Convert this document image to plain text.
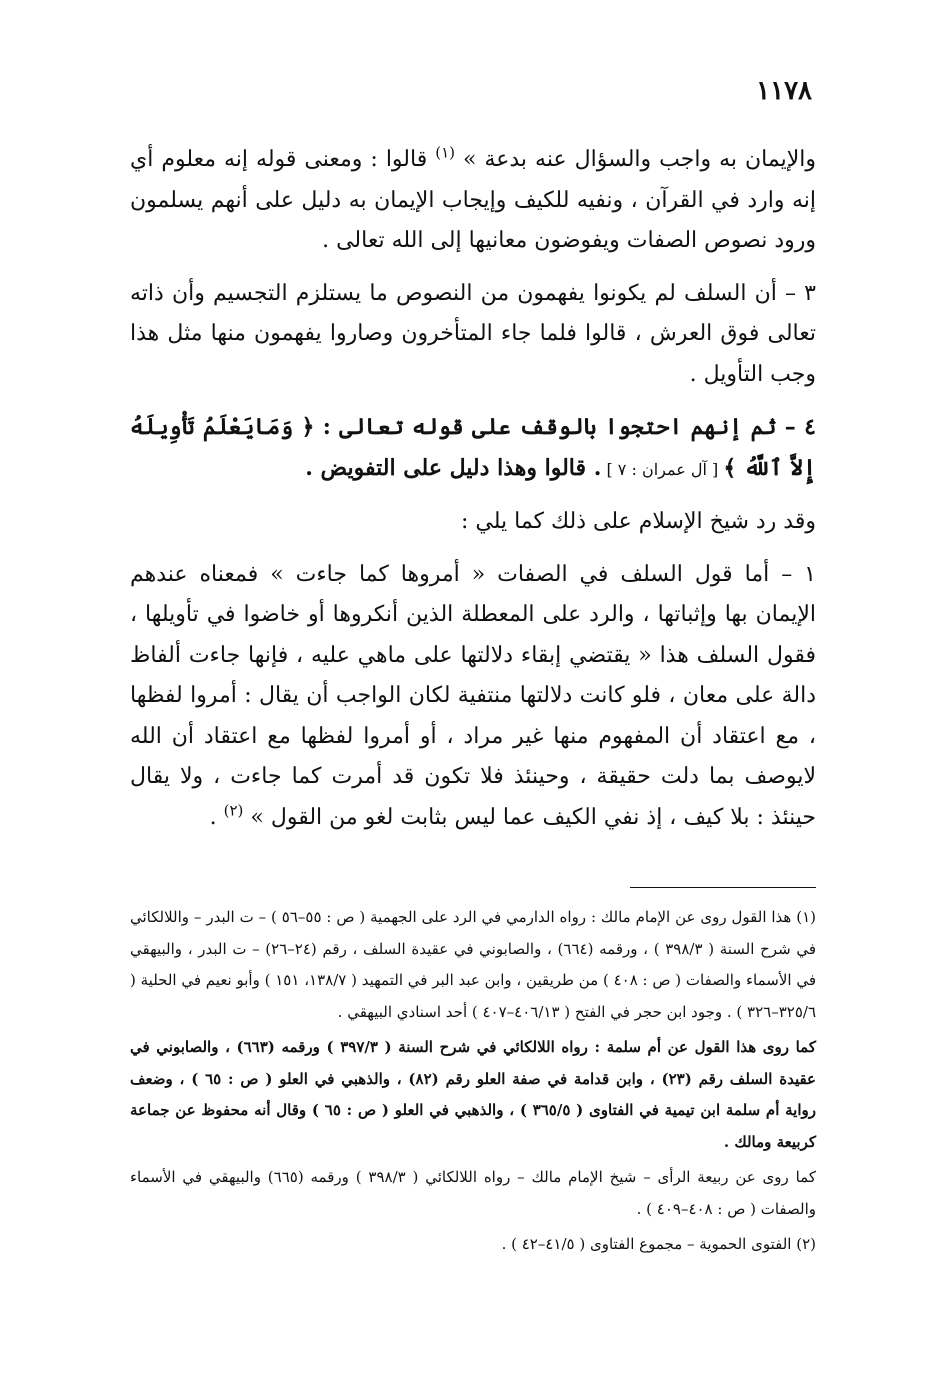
١١٧٨

والإيمان به واجب والسؤال عنه بدعة » $^{(١)}$ قالوا : ومعنى قوله إنه معلوم أي إنه وارد في القرآن ، ونفيه للكيف وإيجاب الإيمان به دليل على أنهم يسلمون ورود نصوص الصفات ويفوضون معانيها إلى الله تعالى .

٣ – أن السلف لم يكونوا يفهمون من النصوص ما يستلزم التجسيم وأن ذاته تعالى فوق العرش ، قالوا فلما جاء المتأخرون وصاروا يفهمون منها مثل هذا وجب التأويل .

٤ – ثم إنهم احتجوا بالوقف على قوله تعالى : ﴿ وَمَايَعْلَمُ تَأْوِيلَهُ إِلاَّ ٱللَّهُ ﴾ [ آل عمران : ٧ ] . قالوا وهذا دليل على التفويض .

وقد رد شيخ الإسلام على ذلك كما يلي :

١ – أما قول السلف في الصفات « أمروها كما جاءت » فمعناه عندهم الإيمان بها وإثباتها ، والرد على المعطلة الذين أنكروها أو خاضوا في تأويلها ، فقول السلف هذا « يقتضي إبقاء دلالتها على ماهي عليه ، فإنها جاءت ألفاظ دالة على معان ، فلو كانت دلالتها منتفية لكان الواجب أن يقال : أمروا لفظها ، مع اعتقاد أن المفهوم منها غير مراد ، أو أمروا لفظها مع اعتقاد أن الله لايوصف بما دلت حقيقة ، وحينئذ فلا تكون قد أمرت كما جاءت ، ولا يقال حينئذ : بلا كيف ، إذ نفي الكيف عما ليس بثابت لغو من القول » $^{(٢)}$ .

(١) هذا القول روى عن الإمام مالك : رواه الدارمي في الرد على الجهمية ( ص : ٥٥–٥٦ ) – ت البدر – واللالكائي في شرح السنة ( ٣٩٨/٣ ) ، ورقمه (٦٦٤) ، والصابوني في عقيدة السلف ، رقم (٢٤–٢٦) – ت البدر ، والبيهقي في الأسماء والصفات ( ص : ٤٠٨ ) من طريقين ، وابن عبد البر في التمهيد ( ١٣٨/٧، ١٥١ ) وأبو نعيم في الحلية ( ٣٢٥/٦–٣٢٦ ) . وجود ابن حجر في الفتح ( ٤٠٦/١٣–٤٠٧ ) أحد اسنادي البيهقي .

كما روى هذا القول عن أم سلمة : رواه اللالكائي في شرح السنة ( ٣٩٧/٣ ) ورقمه (٦٦٣) ، والصابوني في عقيدة السلف رقم (٢٣) ، وابن قدامة في صفة العلو رقم (٨٢) ، والذهبي في العلو ( ص : ٦٥ ) ، وضعف رواية أم سلمة ابن تيمية في الفتاوى ( ٣٦٥/٥ ) ، والذهبي في العلو ( ص : ٦٥ ) وقال أنه محفوظ عن جماعة كربيعة ومالك .

كما روى عن ربيعة الرأى – شيخ الإمام مالك – رواه اللالكائي ( ٣٩٨/٣ ) ورقمه (٦٦٥) والبيهقي في الأسماء والصفات ( ص : ٤٠٨–٤٠٩ ) .

(٢) الفتوى الحموية – مجموع الفتاوى ( ٤١/٥–٤٢ ) .
